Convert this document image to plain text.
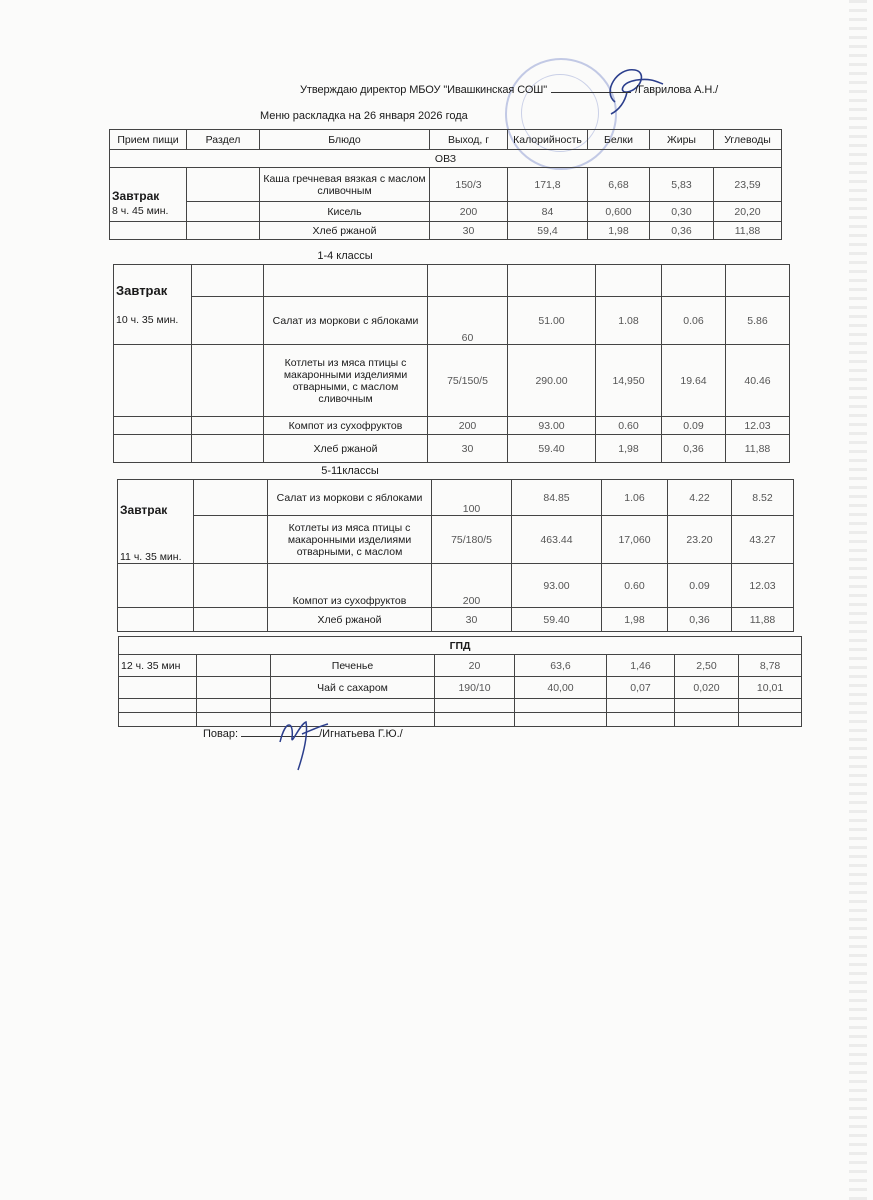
Утверждаю директор МБОУ "Ивашкинская СОШ"	/Гаврилова А.Н./
Меню раскладка на 26 января 2026 года
Прием пищи	Раздел	Блюдо	Выход, г	Калорийность	Белки	Жиры	Углеводы
ОВЗ							
Завтрак		Каша гречневая вязкая с маслом сливочным	150/3	171,8	6,68	5,83	23,59
8 ч. 45 мин.		Кисель	200	84	0,600	0,30	20,20
		Хлеб ржаной	30	59,4	1,98	0,36	11,88
1-4 классы
Завтрак							
10 ч. 35 мин.		Салат из моркови с яблоками	60	51.00	1.08	0.06	5.86
		Котлеты из мяса птицы с макаронными изделиями отварными, с маслом сливочным	75/150/5	290.00	14,950	19.64	40.46
		Компот из сухофруктов	200	93.00	0.60	0.09	12.03
		Хлеб ржаной	30	59.40	1,98	0,36	11,88
5-11классы
Завтрак		Салат из моркови с яблоками	100	84.85	1.06	4.22	8.52
11 ч. 35 мин.		Котлеты из мяса птицы с макаронными изделиями отварными, с маслом	75/180/5	463.44	17,060	23.20	43.27
		Компот из сухофруктов	200	93.00	0.60	0.09	12.03
		Хлеб ржаной	30	59.40	1,98	0,36	11,88
ГПД							
12 ч. 35 мин		Печенье	20	63,6	1,46	2,50	8,78
		Чай с сахаром	190/10	40,00	0,07	0,020	10,01

Повар:	/Игнатьева Г.Ю./
